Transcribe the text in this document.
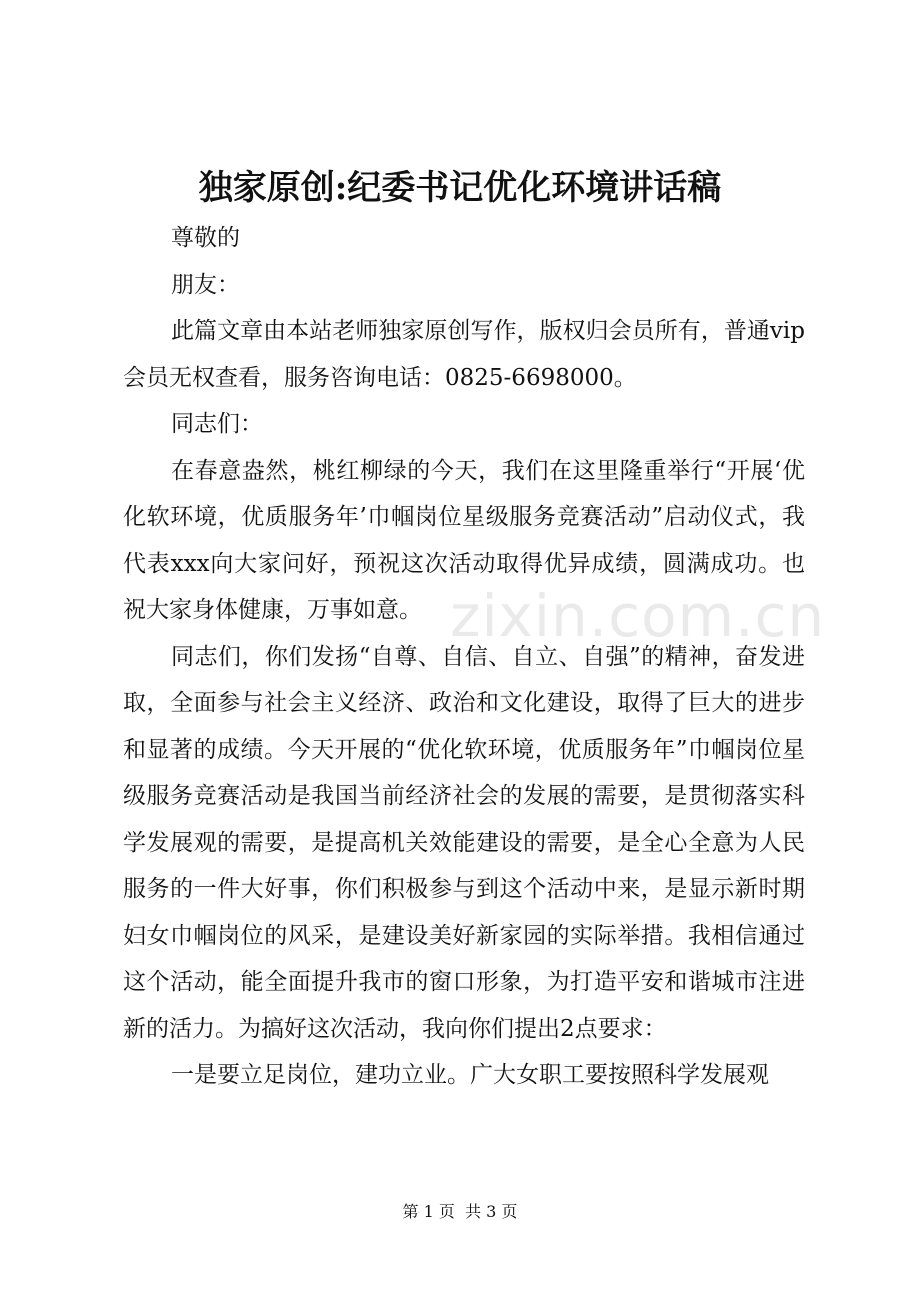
独家原创:纪委书记优化环境讲话稿

尊敬的

朋友：

此篇文章由本站老师独家原创写作，版权归会员所有，普通vip会员无权查看，服务咨询电话：0825-6698000。

同志们：

在春意盎然，桃红柳绿的今天，我们在这里隆重举行“开展‘优化软环境，优质服务年’巾帼岗位星级服务竞赛活动”启动仪式，我代表xxx向大家问好，预祝这次活动取得优异成绩，圆满成功。也祝大家身体健康，万事如意。

同志们，你们发扬“自尊、自信、自立、自强”的精神，奋发进取，全面参与社会主义经济、政治和文化建设，取得了巨大的进步和显著的成绩。今天开展的“优化软环境，优质服务年”巾帼岗位星级服务竞赛活动是我国当前经济社会的发展的需要，是贯彻落实科学发展观的需要，是提高机关效能建设的需要，是全心全意为人民服务的一件大好事，你们积极参与到这个活动中来，是显示新时期妇女巾帼岗位的风采，是建设美好新家园的实际举措。我相信通过这个活动，能全面提升我市的窗口形象，为打造平安和谐城市注进新的活力。为搞好这次活动，我向你们提出2点要求：

一是要立足岗位，建功立业。广大女职工要按照科学发展观

zixin.com.cn
第 1 页  共 3 页
